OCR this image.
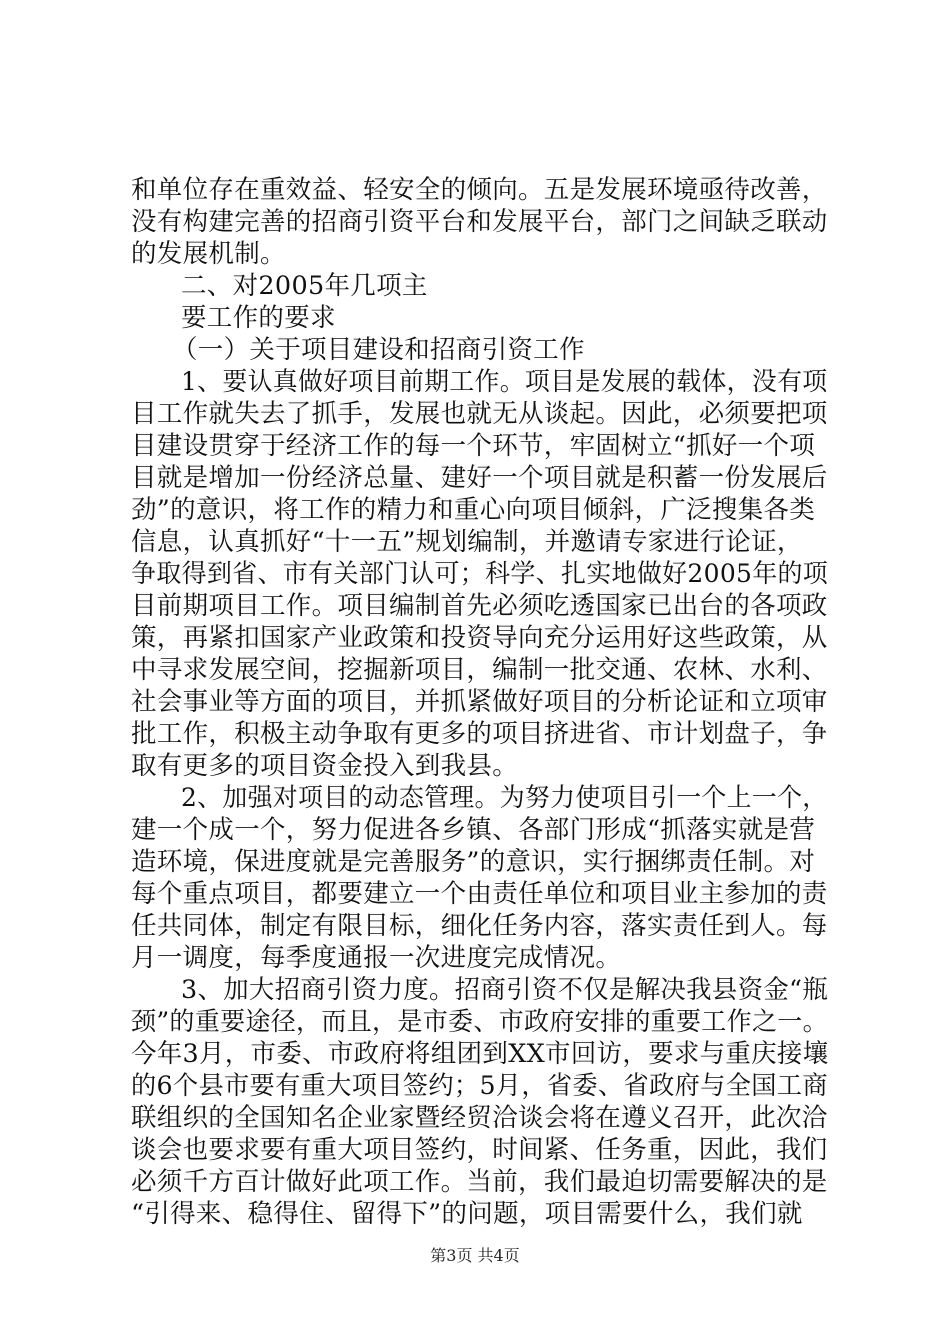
和单位存在重效益、轻安全的倾向。五是发展环境亟待改善，
没有构建完善的招商引资平台和发展平台，部门之间缺乏联动
的发展机制。
二、对2005年几项主
要工作的要求
（一）关于项目建设和招商引资工作
1、要认真做好项目前期工作。项目是发展的载体，没有项
目工作就失去了抓手，发展也就无从谈起。因此，必须要把项
目建设贯穿于经济工作的每一个环节，牢固树立“抓好一个项
目就是增加一份经济总量、建好一个项目就是积蓄一份发展后
劲”的意识，将工作的精力和重心向项目倾斜，广泛搜集各类
信息，认真抓好“十一五”规划编制，并邀请专家进行论证，
争取得到省、市有关部门认可；科学、扎实地做好2005年的项
目前期项目工作。项目编制首先必须吃透国家已出台的各项政
策，再紧扣国家产业政策和投资导向充分运用好这些政策，从
中寻求发展空间，挖掘新项目，编制一批交通、农林、水利、
社会事业等方面的项目，并抓紧做好项目的分析论证和立项审
批工作，积极主动争取有更多的项目挤进省、市计划盘子，争
取有更多的项目资金投入到我县。
2、加强对项目的动态管理。为努力使项目引一个上一个，
建一个成一个，努力促进各乡镇、各部门形成“抓落实就是营
造环境，保进度就是完善服务”的意识，实行捆绑责任制。对
每个重点项目，都要建立一个由责任单位和项目业主参加的责
任共同体，制定有限目标，细化任务内容，落实责任到人。每
月一调度，每季度通报一次进度完成情况。
3、加大招商引资力度。招商引资不仅是解决我县资金“瓶
颈”的重要途径，而且，是市委、市政府安排的重要工作之一。
今年3月，市委、市政府将组团到XX市回访，要求与重庆接壤
的6个县市要有重大项目签约；5月，省委、省政府与全国工商
联组织的全国知名企业家暨经贸洽谈会将在遵义召开，此次洽
谈会也要求要有重大项目签约，时间紧、任务重，因此，我们
必须千方百计做好此项工作。当前，我们最迫切需要解决的是
“引得来、稳得住、留得下”的问题，项目需要什么，我们就
第3页 共4页
